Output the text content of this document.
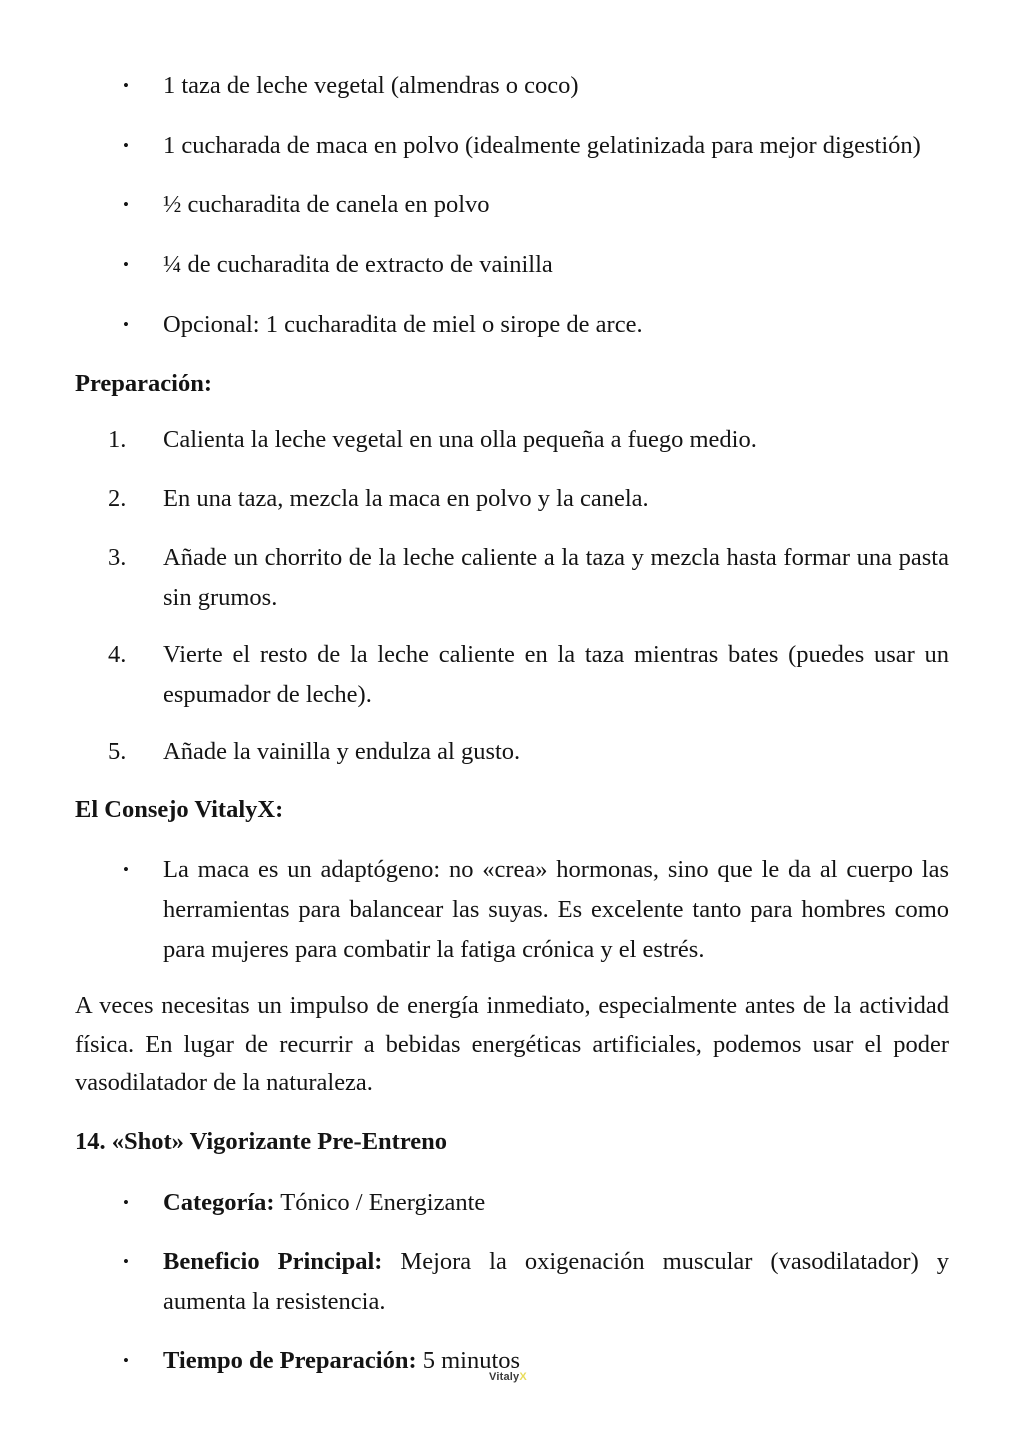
•	1 taza de leche vegetal (almendras o coco)
•	1 cucharada de maca en polvo (idealmente gelatinizada para mejor digestión)
•	½ cucharadita de canela en polvo
•	¼ de cucharadita de extracto de vainilla
•	Opcional: 1 cucharadita de miel o sirope de arce.
Preparación:
1.	Calienta la leche vegetal en una olla pequeña a fuego medio.
2.	En una taza, mezcla la maca en polvo y la canela.
3.	Añade un chorrito de la leche caliente a la taza y mezcla hasta formar una pasta sin grumos.
4.	Vierte el resto de la leche caliente en la taza mientras bates (puedes usar un espumador de leche).
5.	Añade la vainilla y endulza al gusto.
El Consejo VitalyX:
•	La maca es un adaptógeno: no «crea» hormonas, sino que le da al cuerpo las herramientas para balancear las suyas. Es excelente tanto para hombres como para mujeres para combatir la fatiga crónica y el estrés.
A veces necesitas un impulso de energía inmediato, especialmente antes de la actividad física. En lugar de recurrir a bebidas energéticas artificiales, podemos usar el poder vasodilatador de la naturaleza.
14. «Shot» Vigorizante Pre-Entreno
•	Categoría: Tónico / Energizante
•	Beneficio Principal: Mejora la oxigenación muscular (vasodilatador) y aumenta la resistencia.
•	Tiempo de Preparación: 5 minutos
VitalyX
